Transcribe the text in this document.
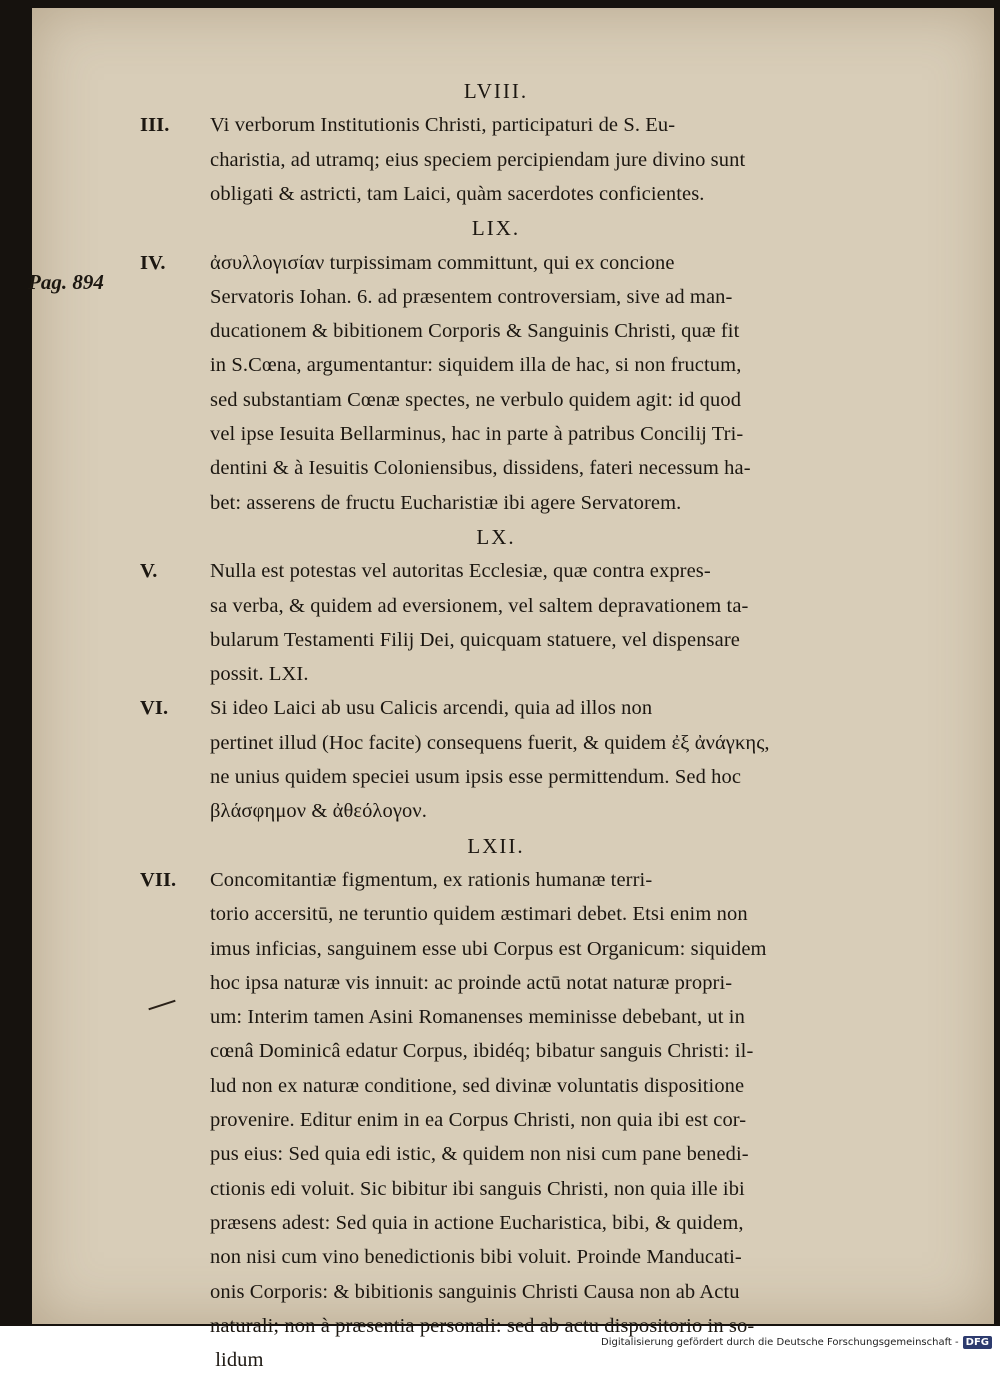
Pag. 894
LVIII.
III. Vi verborum Institutionis Christi, participaturi de S. Eu-
charistia, ad utramq; eius speciem percipiendam jure divino sunt
obligati & astricti, tam Laici, quàm sacerdotes conficientes.
LIX.
IV. ἀσυλλογισίαν turpissimam committunt, qui ex concione
Servatoris Iohan. 6. ad præsentem controversiam, sive ad man-
ducationem & bibitionem Corporis & Sanguinis Christi, quæ fit
in S.Cœna, argumentantur: siquidem illa de hac, si non fructum,
sed substantiam Cœnæ spectes, ne verbulo quidem agit: id quod
vel ipse Iesuita Bellarminus, hac in parte à patribus Concilij Tri-
dentini & à Iesuitis Coloniensibus, dissidens, fateri necessum ha-
bet: asserens de fructu Eucharistiæ ibi agere Servatorem.
LX.
V.	Nulla est potestas vel autoritas Ecclesiæ, quæ contra expres-
sa verba, & quidem ad eversionem, vel saltem depravationem ta-
bularum Testamenti Filij Dei, quicquam statuere, vel dispensare
possit. LXI.
VI. Si ideo Laici ab usu Calicis arcendi, quia ad illos non
pertinet illud (Hoc facite) consequens fuerit, & quidem ἐξ ἀνάγκης,
ne unius quidem speciei usum ipsis esse permittendum. Sed hoc
βλάσφημον & ἀθεόλογον.
LXII.
VII. Concomitantiæ figmentum, ex rationis humanæ terri-
torio accersitū, ne teruntio quidem æstimari debet. Etsi enim non
imus inficias, sanguinem esse ubi Corpus est Organicum: siquidem
hoc ipsa naturæ vis innuit: ac proinde actū notat naturæ propri-
um: Interim tamen Asini Romanenses meminisse debebant, ut in
cœnâ Dominicâ edatur Corpus, ibidéq; bibatur sanguis Christi: il-
lud non ex naturæ conditione, sed divinæ voluntatis dispositione
provenire. Editur enim in ea Corpus Christi, non quia ibi est cor-
pus eius: Sed quia edi istic, & quidem non nisi cum pane benedi-
ctionis edi voluit. Sic bibitur ibi sanguis Christi, non quia ille ibi
præsens adest: Sed quia in actione Eucharistica, bibi, & quidem,
non nisi cum vino benedictionis bibi voluit. Proinde Manducati-
onis Corporis: & bibitionis sanguinis Christi Causa non ab Actu
naturali; non à præsentia personali: sed ab actu dispositorio in so-
lidum
Digitalisierung gefördert durch die Deutsche Forschungsgemeinschaft - DFG
